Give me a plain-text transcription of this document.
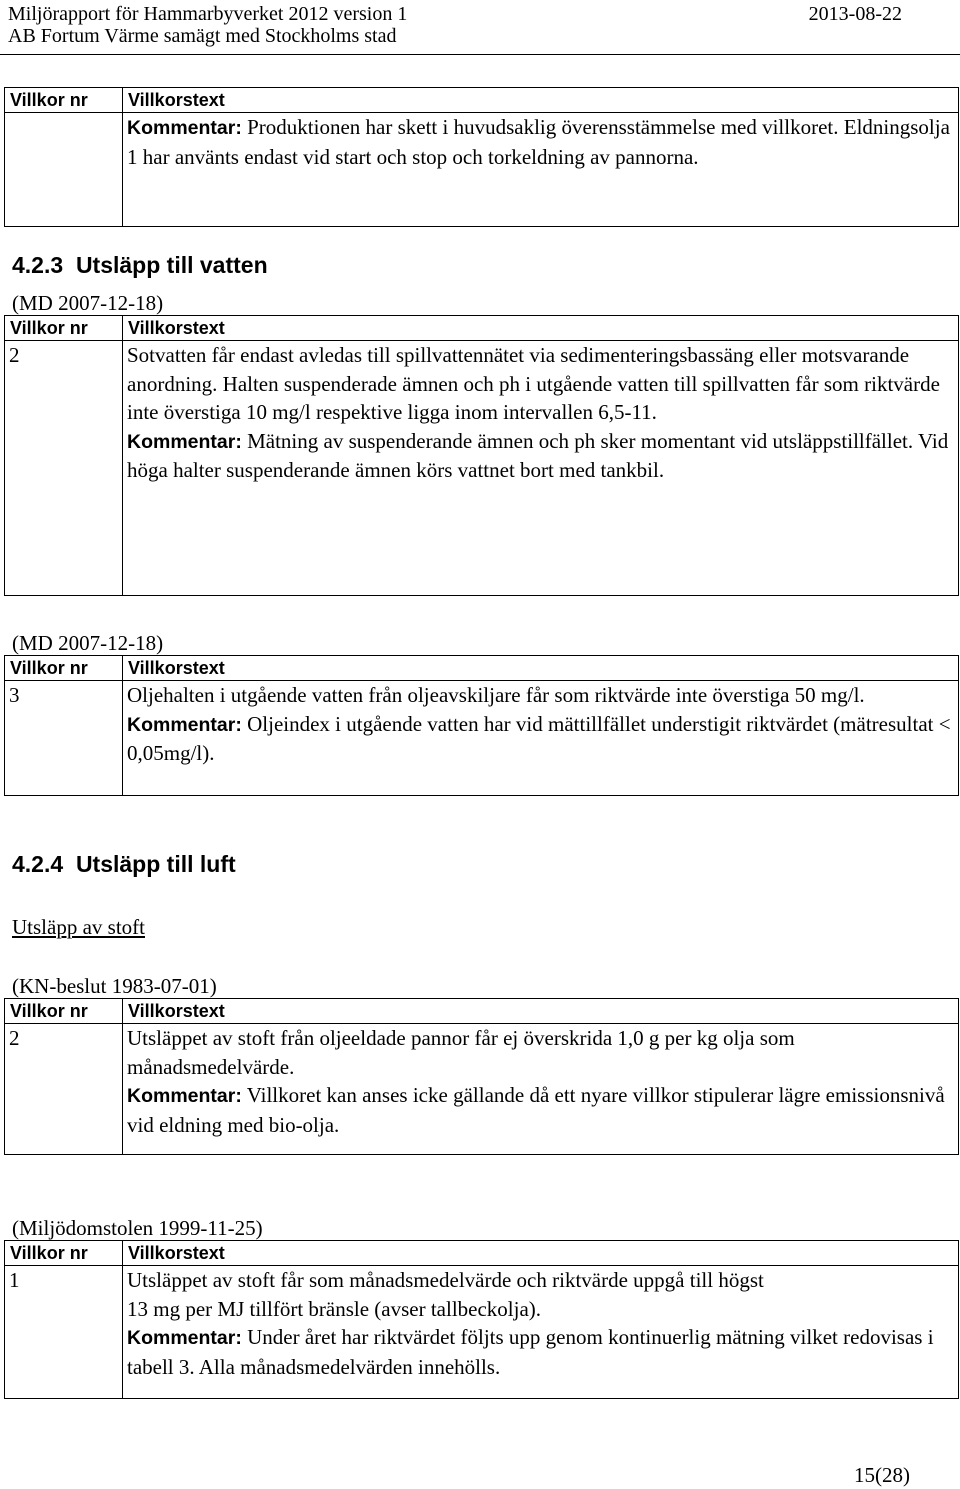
Miljörapport för Hammarbyverket 2012 version 1	2013-08-22
AB Fortum Värme samägt med Stockholms stad
Villkor nr	Villkorstext
	Kommentar: Produktionen har skett i huvudsaklig överensstämmelse med villkoret. Eldningsolja 1 har använts endast vid start och stop och torkeldning av pannorna.
4.2.3 Utsläpp till vatten
(MD 2007-12-18)
Villkor nr	Villkorstext
2	Sotvatten får endast avledas till spillvattennätet via sedimenteringsbassäng eller motsvarande anordning. Halten suspenderade ämnen och ph i utgående vatten till spillvatten får som riktvärde inte överstiga 10 mg/l respektive ligga inom intervallen 6,5-11.
Kommentar: Mätning av suspenderande ämnen och ph sker momentant vid utsläppstillfället. Vid höga halter suspenderande ämnen körs vattnet bort med tankbil.
(MD 2007-12-18)
Villkor nr	Villkorstext
3	Oljehalten i utgående vatten från oljeavskiljare får som riktvärde inte överstiga 50 mg/l.
Kommentar: Oljeindex i utgående vatten har vid mättillfället understigit riktvärdet (mätresultat < 0,05mg/l).
4.2.4 Utsläpp till luft
Utsläpp av stoft
(KN-beslut 1983-07-01)
Villkor nr	Villkorstext
2	Utsläppet av stoft från oljeeldade pannor får ej överskrida 1,0 g per kg olja som månadsmedelvärde.
Kommentar: Villkoret kan anses icke gällande då ett nyare villkor stipulerar lägre emissionsnivå vid eldning med bio-olja.
(Miljödomstolen 1999-11-25)
Villkor nr	Villkorstext
1	Utsläppet av stoft får som månadsmedelvärde och riktvärde uppgå till högst
13 mg per MJ tillfört bränsle (avser tallbeckolja).
Kommentar: Under året har riktvärdet följts upp genom kontinuerlig mätning vilket redovisas i tabell 3. Alla månadsmedelvärden innehölls.
15(28)
